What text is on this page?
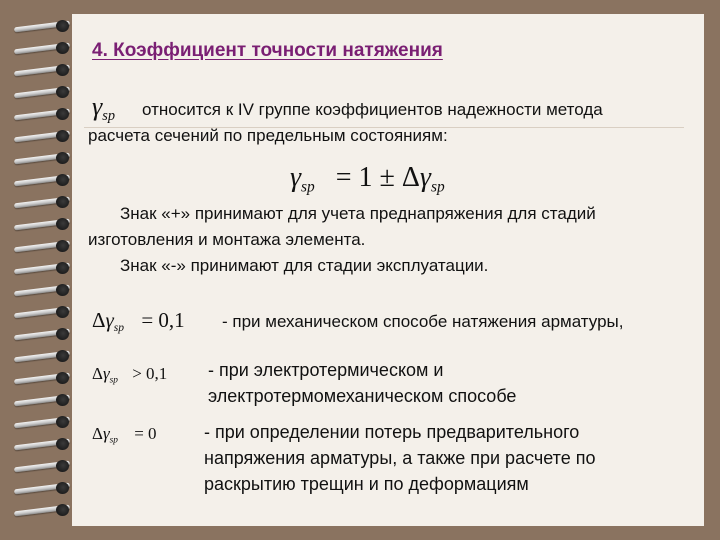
4. Коэффициент точности натяжения
$\gamma_{sp}$ относится к IV группе коэффициентов надежности метода
расчета сечений по предельным состояниям:
$\gamma_{sp} = 1 \pm \Delta\gamma_{sp}$
Знак «+» принимают для учета преднапряжения для стадий
изготовления и монтажа элемента.
Знак «-» принимают для стадии эксплуатации.
$\Delta\gamma_{sp} = 0,1$ - при механическом способе натяжения арматуры,
$\Delta\gamma_{sp} > 0,1$ - при электротермическом и
электротермомеханическом способе
$\Delta\gamma_{sp} = 0$	- при определении потерь предварительного
напряжения арматуры, а также при расчете по
раскрытию трещин и по деформациям
